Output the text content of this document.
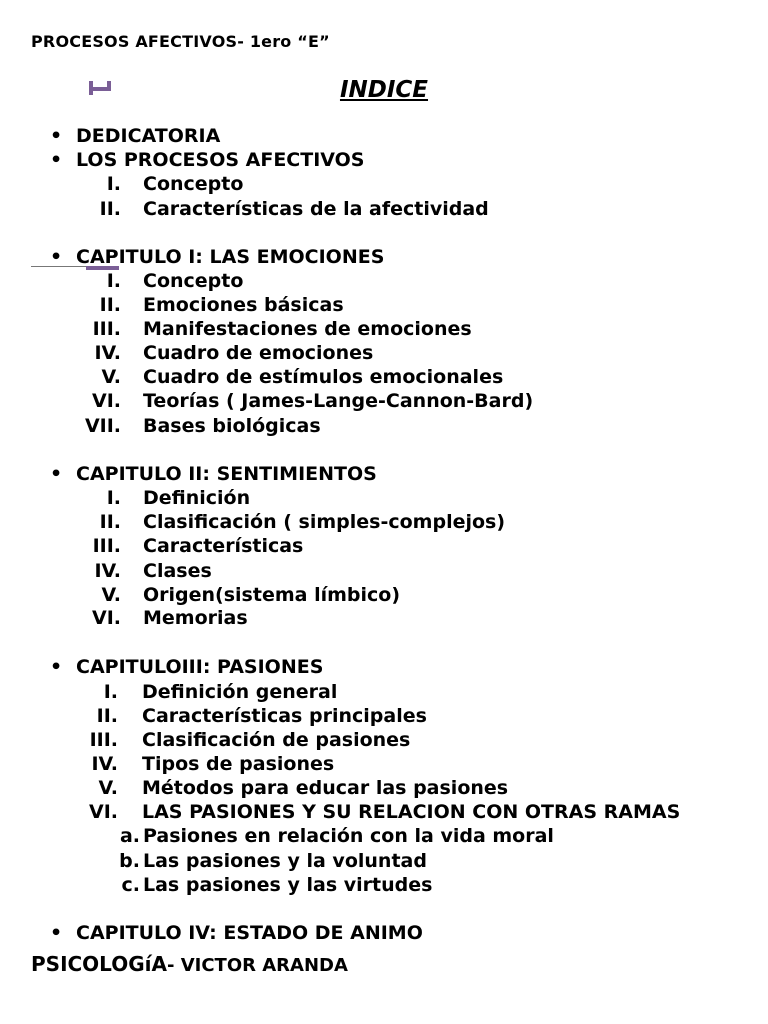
PROCESOS AFECTIVOS- 1ero “E”
INDICE
• DEDICATORIA
• LOS PROCESOS AFECTIVOS
I. Concepto
II. Características de la afectividad
• CAPITULO I: LAS EMOCIONES
I. Concepto
II. Emociones básicas
III. Manifestaciones de emociones
IV. Cuadro de emociones
V. Cuadro de estímulos emocionales
VI. Teorías ( James-Lange-Cannon-Bard)
VII. Bases biológicas
• CAPITULO II: SENTIMIENTOS
I. Definición
II. Clasificación ( simples-complejos)
III. Características
IV. Clases
V. Origen(sistema límbico)
VI. Memorias
• CAPITULOIII: PASIONES
I. Definición general
II. Características principales
III. Clasificación de pasiones
IV. Tipos de pasiones
V. Métodos para educar las pasiones
VI. LAS PASIONES Y SU RELACION CON OTRAS RAMAS
a. Pasiones en relación con la vida moral
b. Las pasiones y la voluntad
c. Las pasiones y las virtudes
• CAPITULO IV: ESTADO DE ANIMO
PSICOLOGíA- VICTOR ARANDA
